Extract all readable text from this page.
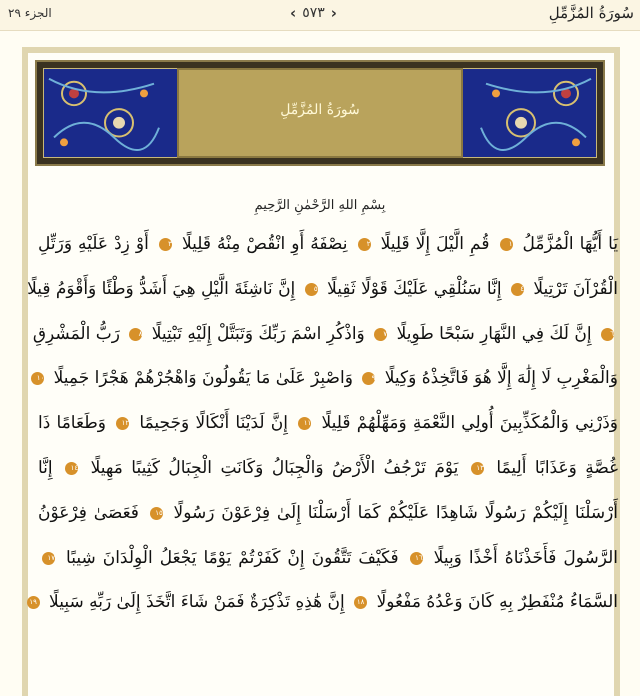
الجزء ٢٩	‹ ٥٧٣ ›	سُورَةُ المُزَّمِّلِ
سُورَةُ المُزَّمِّلِ
بِسْمِ اللهِ الرَّحْمٰنِ الرَّحِيمِ
يَا أَيُّهَا الْمُزَّمِّلُ ١ قُمِ الَّيْلَ إِلَّا قَلِيلًا ٢ نِصْفَهُ أَوِ انْقُصْ مِنْهُ قَلِيلًا ٣ أَوْ زِدْ عَلَيْهِ وَرَتِّلِ
الْقُرْآنَ تَرْتِيلًا ٤ إِنَّا سَنُلْقِي عَلَيْكَ قَوْلًا ثَقِيلًا ٥ إِنَّ نَاشِئَةَ الَّيْلِ هِيَ أَشَدُّ وَطْئًا وَأَقْوَمُ قِيلًا
٦ إِنَّ لَكَ فِي النَّهَارِ سَبْحًا طَوِيلًا ٧ وَاذْكُرِ اسْمَ رَبِّكَ وَتَبَتَّلْ إِلَيْهِ تَبْتِيلًا ٨ رَبُّ الْمَشْرِقِ
وَالْمَغْرِبِ لَا إِلَٰهَ إِلَّا هُوَ فَاتَّخِذْهُ وَكِيلًا ٩ وَاصْبِرْ عَلَىٰ مَا يَقُولُونَ وَاهْجُرْهُمْ هَجْرًا جَمِيلًا ١٠
وَذَرْنِي وَالْمُكَذِّبِينَ أُولِي النَّعْمَةِ وَمَهِّلْهُمْ قَلِيلًا ١١ إِنَّ لَدَيْنَا أَنْكَالًا وَجَحِيمًا ١٢ وَطَعَامًا ذَا
غُصَّةٍ وَعَذَابًا أَلِيمًا ١٣ يَوْمَ تَرْجُفُ الْأَرْضُ وَالْجِبَالُ وَكَانَتِ الْجِبَالُ كَثِيبًا مَهِيلًا ١٤ إِنَّا
أَرْسَلْنَا إِلَيْكُمْ رَسُولًا شَاهِدًا عَلَيْكُمْ كَمَا أَرْسَلْنَا إِلَىٰ فِرْعَوْنَ رَسُولًا ١٥ فَعَصَىٰ فِرْعَوْنُ
الرَّسُولَ فَأَخَذْنَاهُ أَخْذًا وَبِيلًا ١٦ فَكَيْفَ تَتَّقُونَ إِنْ كَفَرْتُمْ يَوْمًا يَجْعَلُ الْوِلْدَانَ شِيبًا ١٧
السَّمَاءُ مُنْفَطِرٌ بِهِ كَانَ وَعْدُهُ مَفْعُولًا ١٨ إِنَّ هَٰذِهِ تَذْكِرَةٌ فَمَنْ شَاءَ اتَّخَذَ إِلَىٰ رَبِّهِ سَبِيلًا ١٩
